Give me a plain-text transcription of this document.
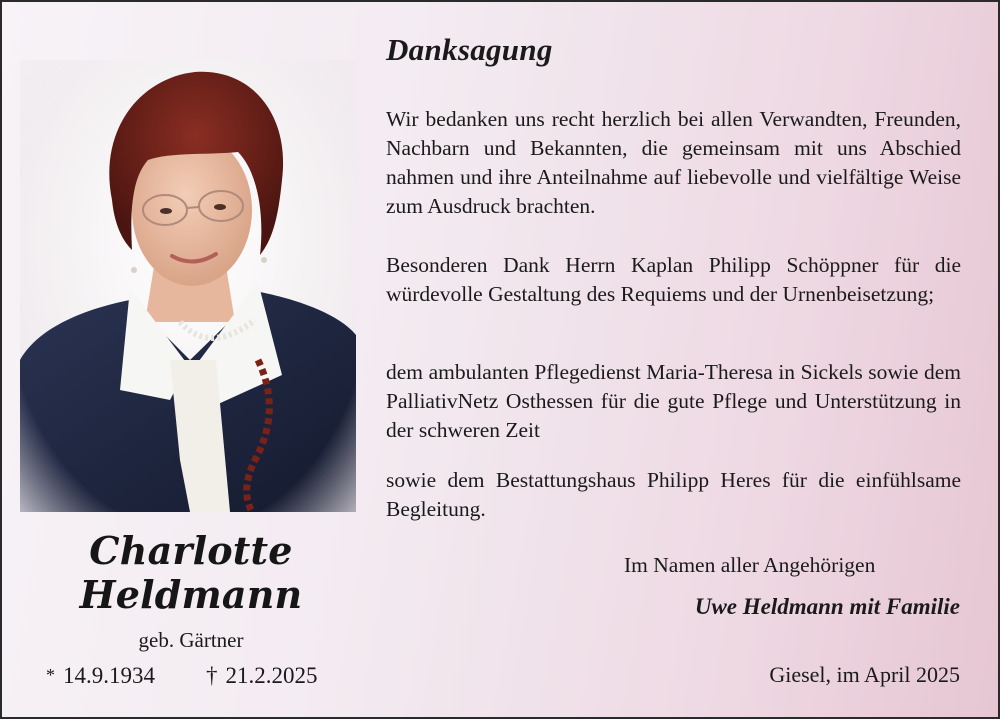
Charlotte
Heldmann
geb. Gärtner
* 14.9.1934 † 21.2.2025
Danksagung

Wir bedanken uns recht herzlich bei allen Verwandten, Freunden, Nachbarn und Bekannten, die gemeinsam mit uns Abschied nahmen und ihre Anteilnahme auf liebevolle und vielfältige Weise zum Ausdruck brachten.

Besonderen Dank Herrn Kaplan Philipp Schöppner für die würdevolle Gestaltung des Requiems und der Urnenbeisetzung;

dem ambulanten Pflegedienst Maria-Theresa in Sickels sowie dem PalliativNetz Osthessen für die gute Pflege und Unterstützung in der schweren Zeit

sowie dem Bestattungshaus Philipp Heres für die einfühlsame Begleitung.

Im Namen aller Angehörigen
Uwe Heldmann mit Familie
Giesel, im April 2025
